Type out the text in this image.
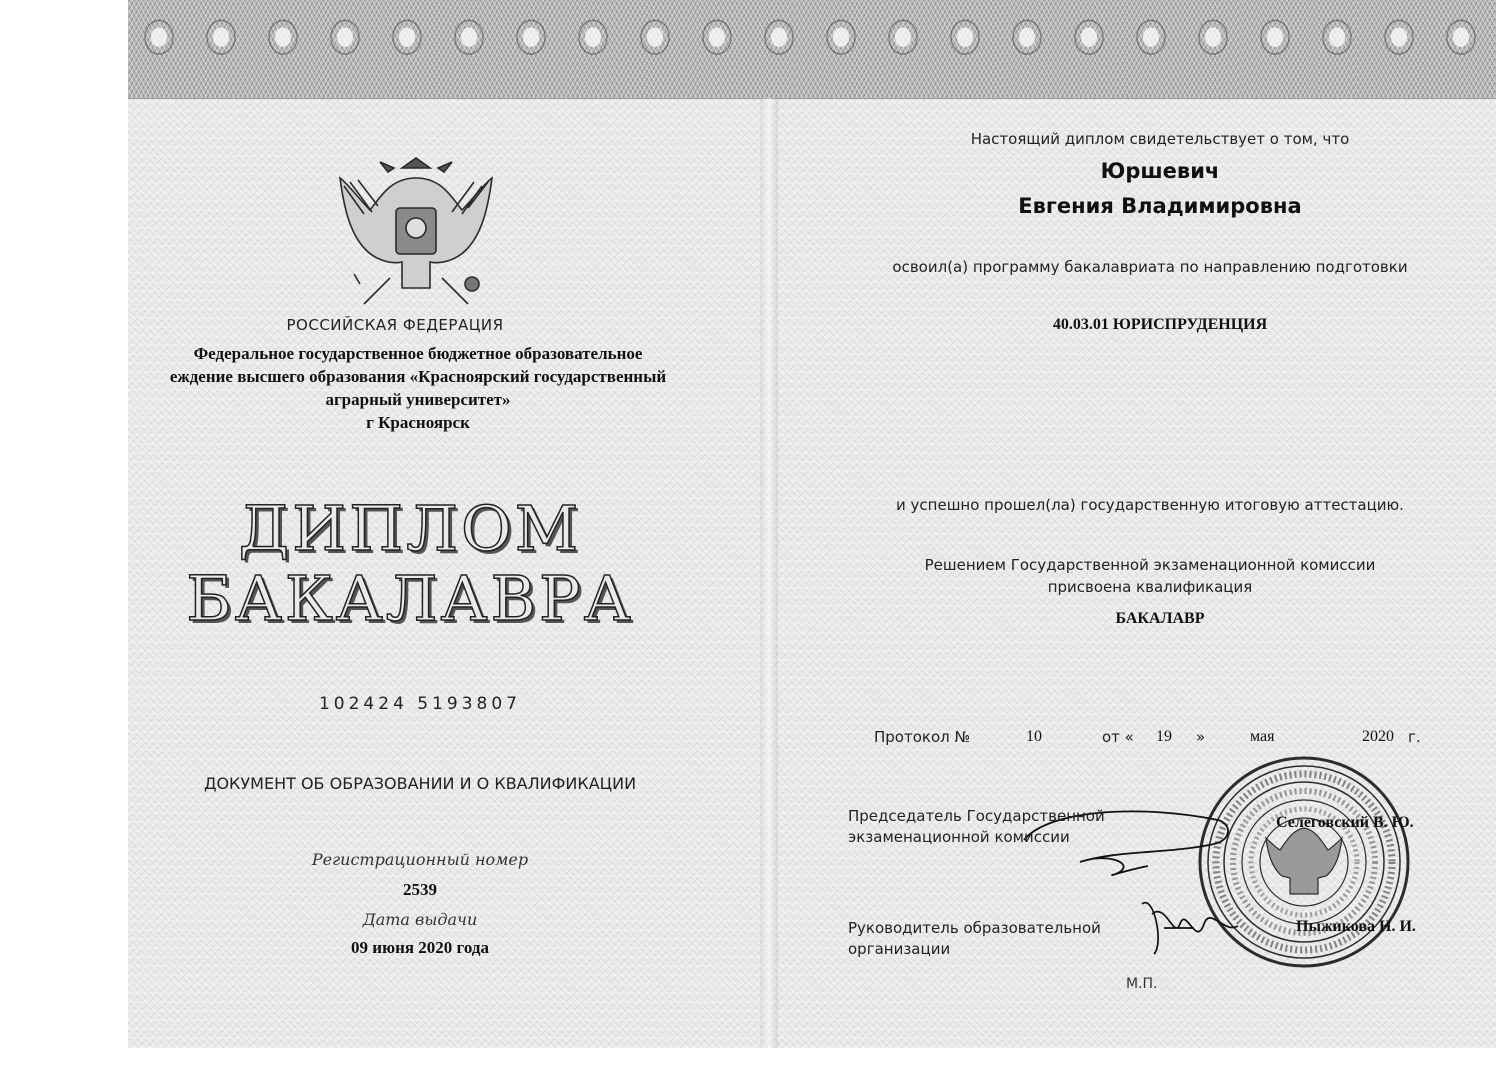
РОССИЙСКАЯ ФЕДЕРАЦИЯ
Федеральное государственное бюджетное образовательное
еждение высшего образования «Красноярский государственный
аграрный университет»
г Красноярск
ДИПЛОМ
БАКАЛАВРА
102424 5193807
ДОКУМЕНТ ОБ ОБРАЗОВАНИИ И О КВАЛИФИКАЦИИ
Регистрационный номер
2539
Дата выдачи
09 июня 2020 года
Настоящий диплом свидетельствует о том, что
Юршевич
Евгения Владимировна
освоил(а) программу бакалавриата по направлению подготовки
40.03.01 ЮРИСПРУДЕНЦИЯ
и успешно прошел(ла) государственную итоговую аттестацию.
Решением Государственной экзаменационной комиссии
присвоена квалификация
БАКАЛАВР
Протокол №	10	от « 19 »	мая	2020 г.
Председатель Государственной экзаменационной комиссии
Селеговский В. Ю.
Руководитель образовательной организации
Пыжикова Н. И.
М.П.
